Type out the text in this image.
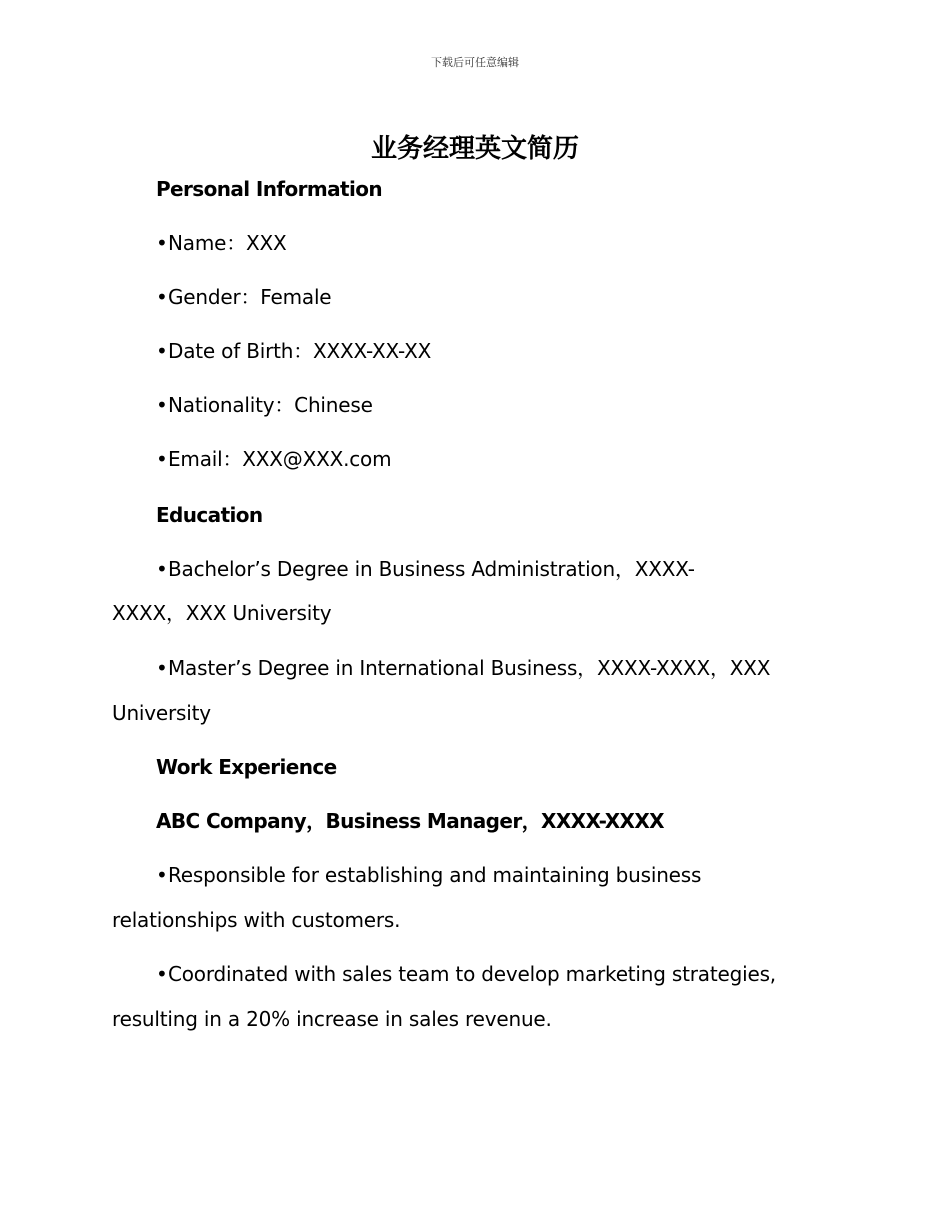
下载后可任意编辑
业务经理英文简历
Personal Information
•Name：XXX
•Gender：Female
•Date of Birth：XXXX-XX-XX
•Nationality：Chinese
•Email：XXX@XXX.com
Education
•Bachelor’s Degree in Business Administration，XXXX-
XXXX，XXX University
•Master’s Degree in International Business，XXXX-XXXX，XXX
University
Work Experience
ABC Company，Business Manager，XXXX-XXXX
•Responsible for establishing and maintaining business
relationships with customers.
•Coordinated with sales team to develop marketing strategies,
resulting in a 20% increase in sales revenue.
